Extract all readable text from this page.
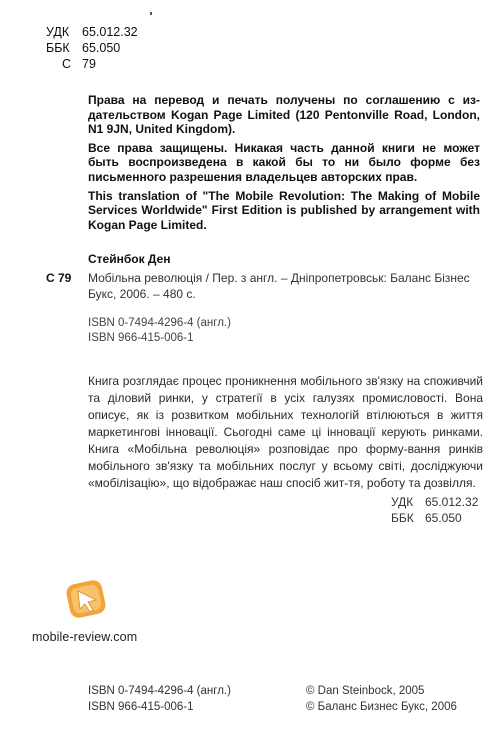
УДК	65.012.32
ББК 65.050
С 79

Права на перевод и печать получены по соглашению с из-дательством Kogan Page Limited (120 Pentonville Road, London, N1 9JN, United Kingdom).

Все права защищены. Никакая часть данной книги не может быть воспроизведена в какой бы то ни было форме без письменного разрешения владельцев авторских прав.

This translation of "The Mobile Revolution: The Making of Mobile Services Worldwide" First Edition is published by arrangement with Kogan Page Limited.

Стейнбок Ден
С 79 Мобільна революція / Пер. з англ. – Дніпропетровськ: Баланс Бізнес Букс, 2006. – 480 с.
ISBN 0-7494-4296-4 (англ.)
ISBN 966-415-006-1
Книга розглядає процес проникнення мобільного зв'язку на споживчий та діловий ринки, у стратегії в усіх галузях промисловості. Вона описує, як із розвитком мобільних технологій втілюються в життя маркетингові інновації. Сьогодні саме ці інновації керують ринками. Книга «Мобільна революція» розповідає про форму-вання ринків мобільного зв'язку та мобільних послуг у всьому світі, досліджуючи «мобілізацію», що відображає наш спосіб жит-тя, роботу та дозвілля.
УДК 65.012.32
ББК 65.050
mobile-review.com
ISBN 0-7494-4296-4 (англ.)
ISBN 966-415-006-1
© Dan Steinbock, 2005
© Баланс Бизнес Букс, 2006
